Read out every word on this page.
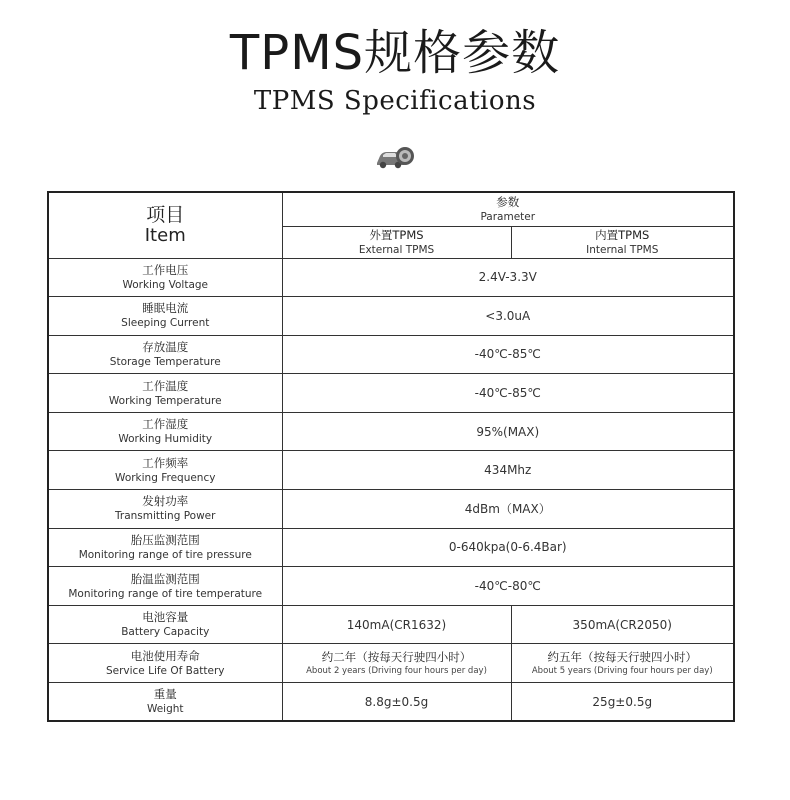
TPMS规格参数
TPMS Specifications
项目
Item	参数
Parameter	

	外置TPMS
External TPMS	内置TPMS
Internal TPMS

工作电压
Working Voltage	2.4V-3.3V	

睡眠电流
Sleeping Current	<3.0uA	

存放温度
Storage Temperature	-40℃-85℃	

工作温度
Working Temperature	-40℃-85℃	

工作湿度
Working Humidity	95%(MAX)	

工作频率
Working Frequency	434Mhz	

发射功率
Transmitting Power	4dBm（MAX）	

胎压监测范围
Monitoring range of tire pressure	0-640kpa(0-6.4Bar)	

胎温监测范围
Monitoring range of tire temperature	-40℃-80℃	

电池容量
Battery Capacity	140mA(CR1632)	350mA(CR2050)

电池使用寿命
Service Life Of Battery	约二年（按每天行驶四小时）
About 2 years (Driving four hours per day)	约五年（按每天行驶四小时）
About 5 years (Driving four hours per day)

重量
Weight	8.8g±0.5g	25g±0.5g
